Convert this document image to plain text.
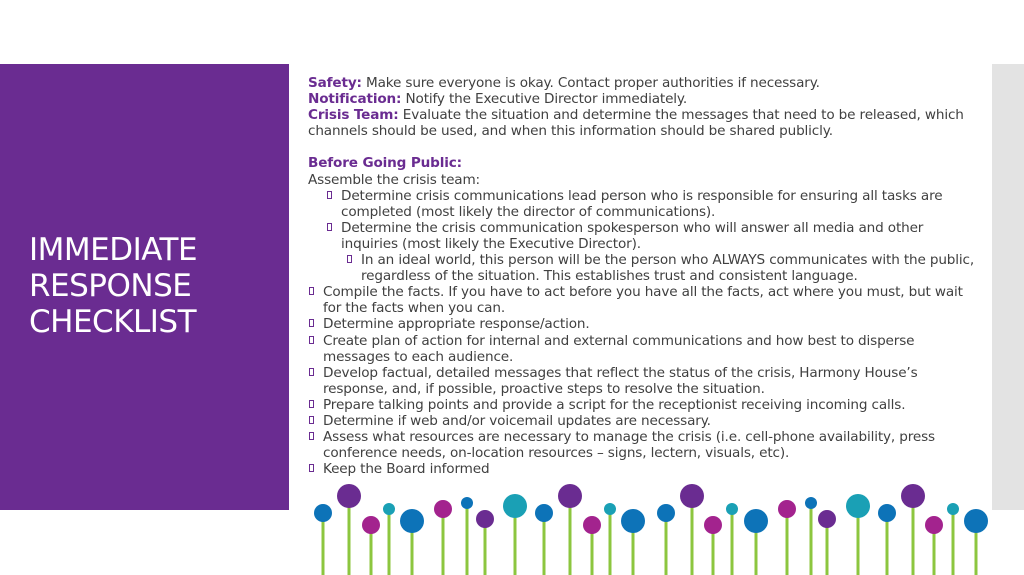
IMMEDIATE RESPONSE CHECKLIST

Safety: Make sure everyone is okay. Contact proper authorities if necessary.

Notification: Notify the Executive Director immediately.

Crisis Team: Evaluate the situation and determine the messages that need to be released, which channels should be used, and when this information should be shared publicly.

Before Going Public:

Assemble the crisis team:

Determine crisis communications lead person who is responsible for ensuring all tasks are completed (most likely the director of communications).
Determine the crisis communication spokesperson who will answer all media and other inquiries (most likely the Executive Director).
In an ideal world, this person will be the person who ALWAYS communicates with the public, regardless of the situation. This establishes trust and consistent language.
Compile the facts. If you have to act before you have all the facts, act where you must, but wait for the facts when you can.
Determine appropriate response/action.
Create plan of action for internal and external communications and how best to disperse messages to each audience.
Develop factual, detailed messages that reflect the status of the crisis, Harmony House’s response, and, if possible, proactive steps to resolve the situation.
Prepare talking points and provide a script for the receptionist receiving incoming calls.
Determine if web and/or voicemail updates are necessary.
Assess what resources are necessary to manage the crisis (i.e. cell-phone availability, press conference needs, on-location resources – signs, lectern, visuals, etc).
Keep the Board informed
